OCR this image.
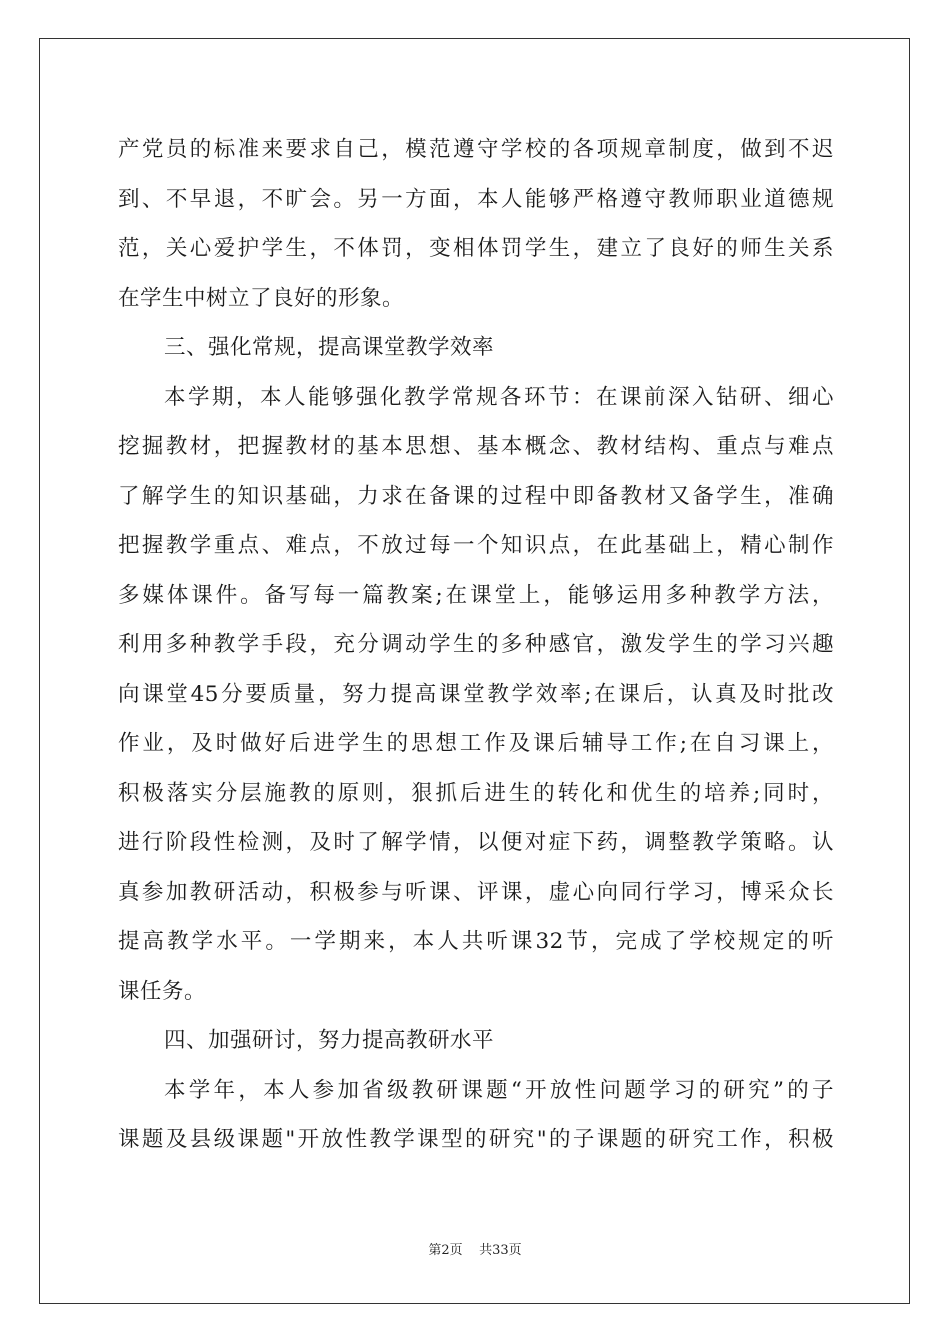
产党员的标准来要求自己，模范遵守学校的各项规章制度，做到不迟
到、不早退，不旷会。另一方面，本人能够严格遵守教师职业道德规
范，关心爱护学生，不体罚，变相体罚学生，建立了良好的师生关系
在学生中树立了良好的形象。
三、强化常规，提高课堂教学效率
本学期，本人能够强化教学常规各环节：在课前深入钻研、细心
挖掘教材，把握教材的基本思想、基本概念、教材结构、重点与难点
了解学生的知识基础，力求在备课的过程中即备教材又备学生，准确
把握教学重点、难点，不放过每一个知识点，在此基础上，精心制作
多媒体课件。备写每一篇教案;在课堂上，能够运用多种教学方法，
利用多种教学手段，充分调动学生的多种感官，激发学生的学习兴趣
向课堂45分要质量，努力提高课堂教学效率;在课后，认真及时批改
作业，及时做好后进学生的思想工作及课后辅导工作;在自习课上，
积极落实分层施教的原则，狠抓后进生的转化和优生的培养;同时，
进行阶段性检测，及时了解学情，以便对症下药，调整教学策略。认
真参加教研活动，积极参与听课、评课，虚心向同行学习，博采众长
提高教学水平。一学期来，本人共听课32节，完成了学校规定的听
课任务。
四、加强研讨，努力提高教研水平
本学年，本人参加省级教研课题“开放性问题学习的研究”的子
课题及县级课题"开放性教学课型的研究"的子课题的研究工作，积极
第2页 共33页
